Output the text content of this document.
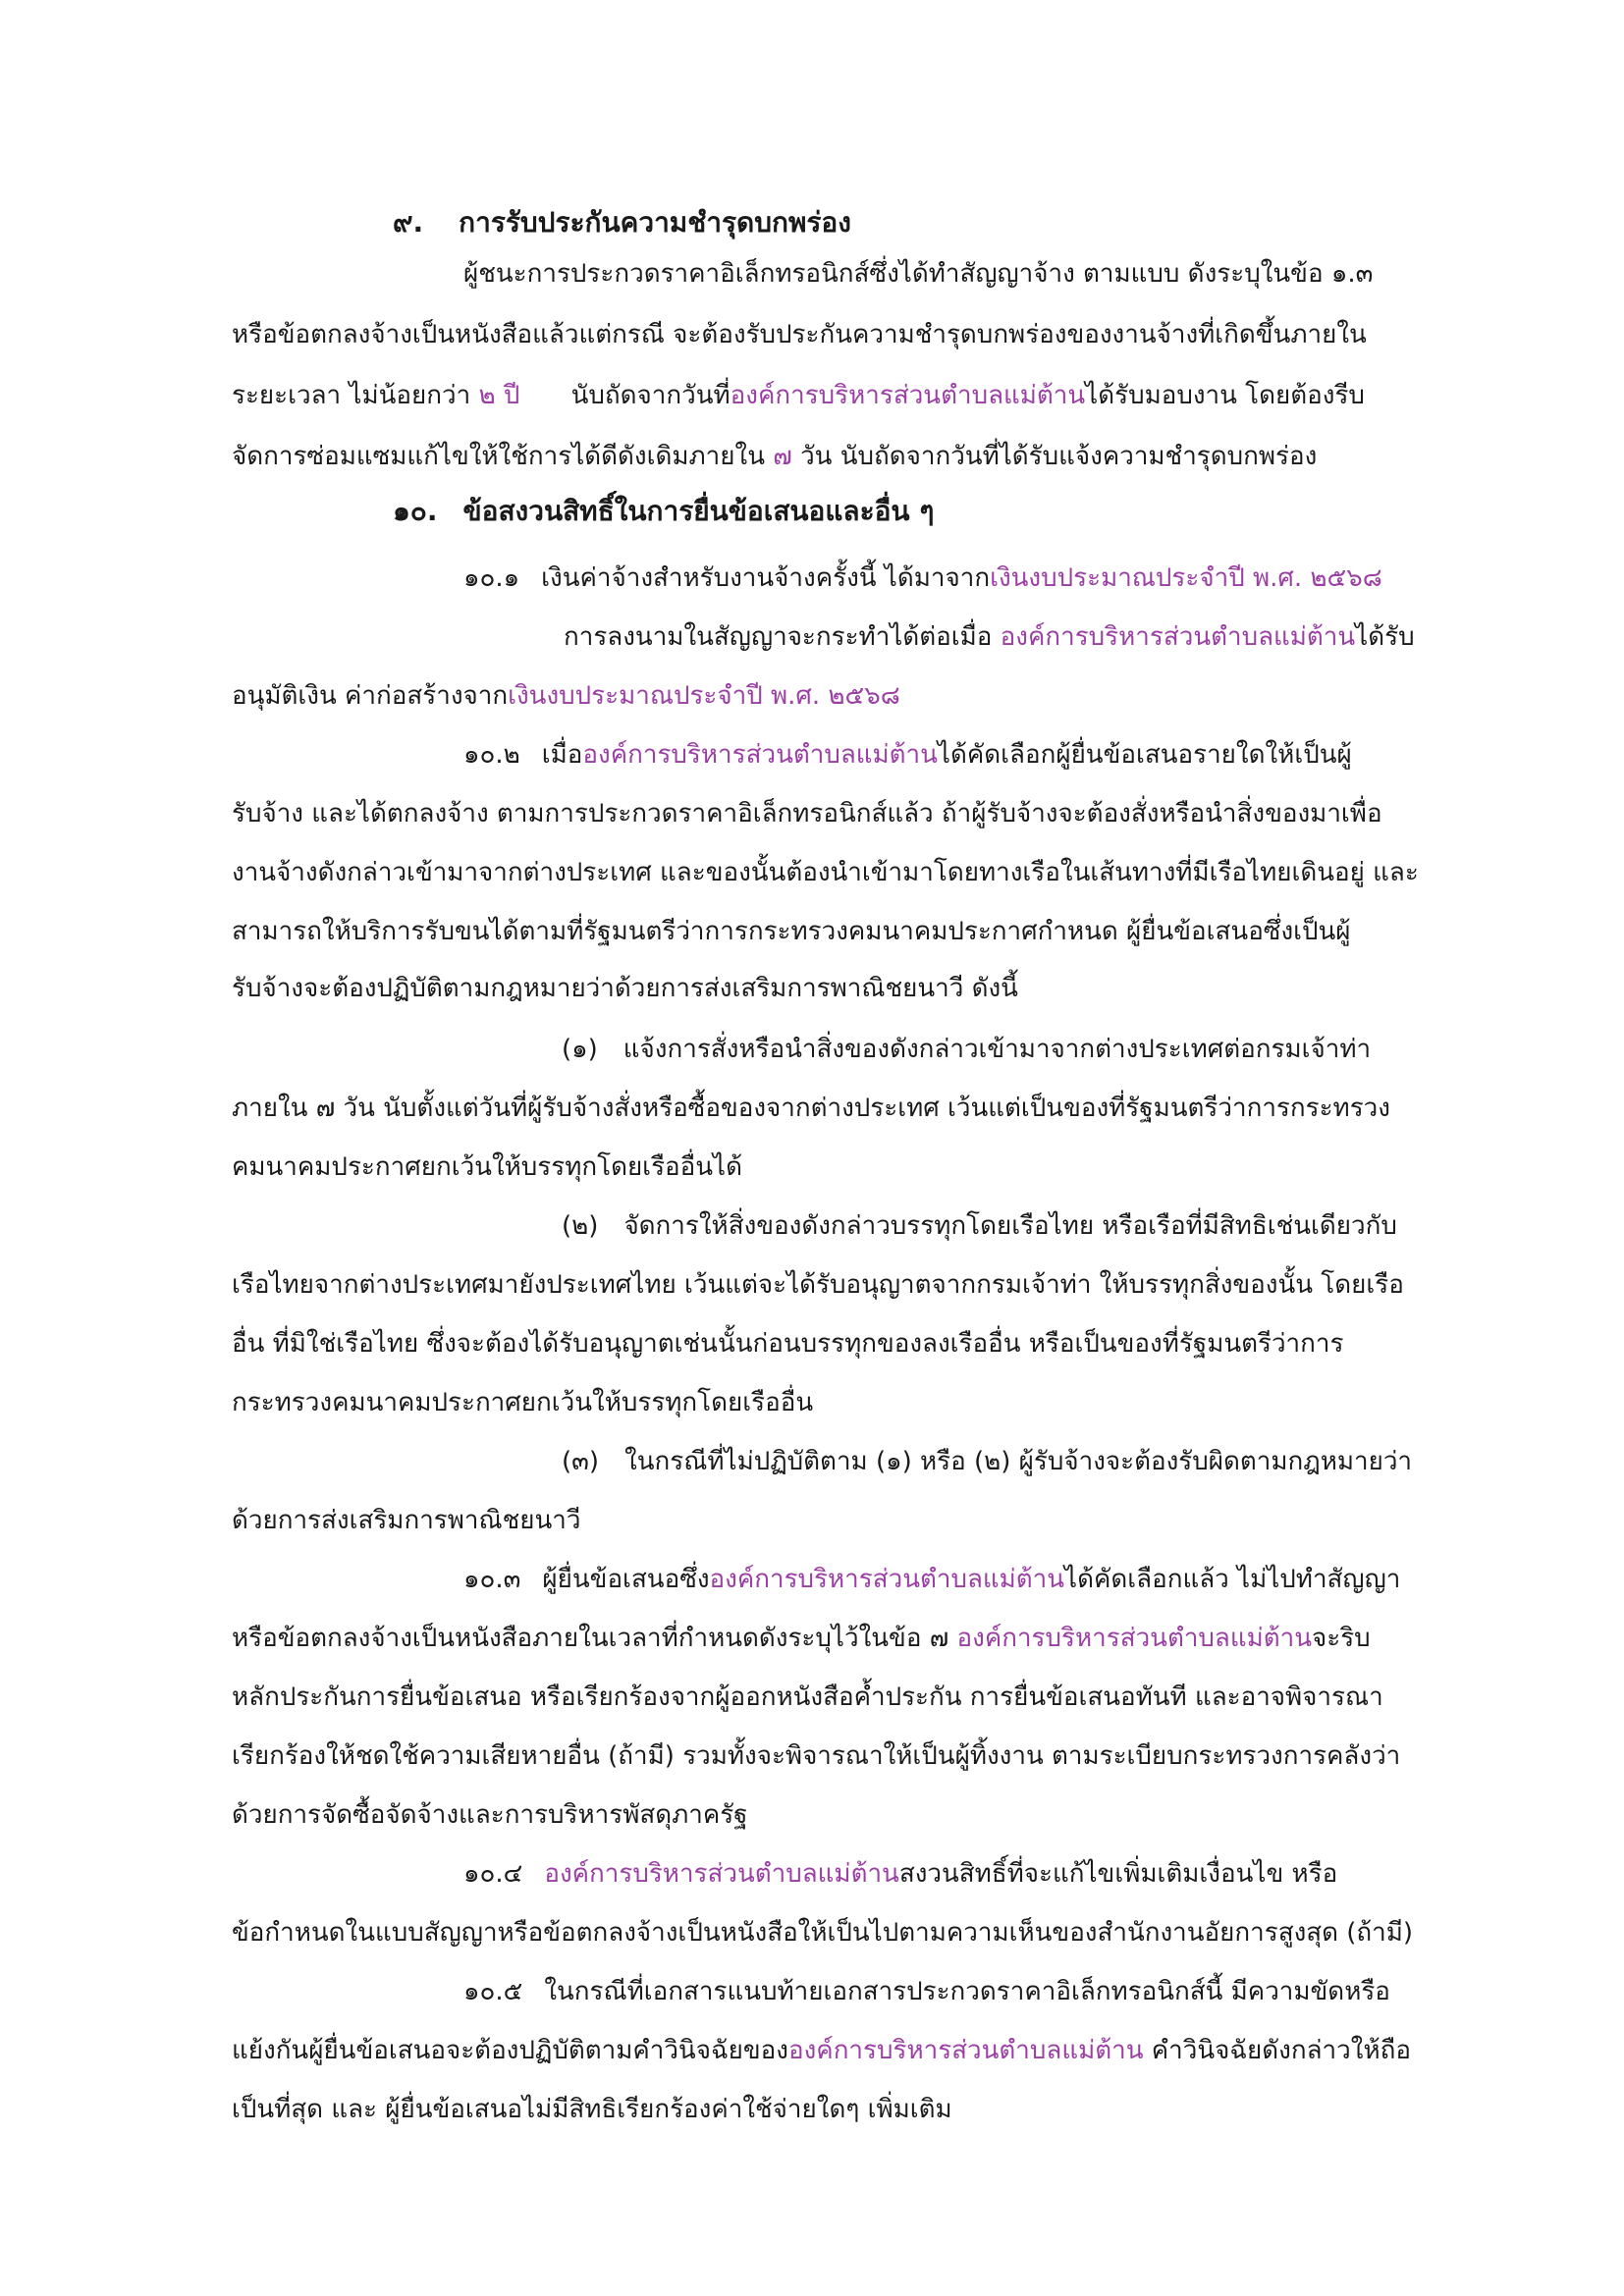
๙. การรับประกันความชำรุดบกพร่อง

ผู้ชนะการประกวดราคาอิเล็กทรอนิกส์ซึ่งได้ทำสัญญาจ้าง ตามแบบ ดังระบุในข้อ ๑.๓

หรือข้อตกลงจ้างเป็นหนังสือแล้วแต่กรณี จะต้องรับประกันความชำรุดบกพร่องของงานจ้างที่เกิดขึ้นภายใน

ระยะเวลา ไม่น้อยกว่า ๒ ปี นับถัดจากวันที่องค์การบริหารส่วนตำบลแม่ต้านได้รับมอบงาน โดยต้องรีบ

จัดการซ่อมแซมแก้ไขให้ใช้การได้ดีดังเดิมภายใน ๗ วัน นับถัดจากวันที่ได้รับแจ้งความชำรุดบกพร่อง

๑๐. ข้อสงวนสิทธิ์ในการยื่นข้อเสนอและอื่น ๆ

๑๐.๑ เงินค่าจ้างสำหรับงานจ้างครั้งนี้ ได้มาจากเงินงบประมาณประจำปี พ.ศ. ๒๕๖๘

การลงนามในสัญญาจะกระทำได้ต่อเมื่อ องค์การบริหารส่วนตำบลแม่ต้านได้รับ

อนุมัติเงิน ค่าก่อสร้างจากเงินงบประมาณประจำปี พ.ศ. ๒๕๖๘

๑๐.๒ เมื่อองค์การบริหารส่วนตำบลแม่ต้านได้คัดเลือกผู้ยื่นข้อเสนอรายใดให้เป็นผู้

รับจ้าง และได้ตกลงจ้าง ตามการประกวดราคาอิเล็กทรอนิกส์แล้ว ถ้าผู้รับจ้างจะต้องสั่งหรือนำสิ่งของมาเพื่อ

งานจ้างดังกล่าวเข้ามาจากต่างประเทศ และของนั้นต้องนำเข้ามาโดยทางเรือในเส้นทางที่มีเรือไทยเดินอยู่ และ

สามารถให้บริการรับขนได้ตามที่รัฐมนตรีว่าการกระทรวงคมนาคมประกาศกำหนด ผู้ยื่นข้อเสนอซึ่งเป็นผู้

รับจ้างจะต้องปฏิบัติตามกฎหมายว่าด้วยการส่งเสริมการพาณิชยนาวี ดังนี้

(๑) แจ้งการสั่งหรือนำสิ่งของดังกล่าวเข้ามาจากต่างประเทศต่อกรมเจ้าท่า

ภายใน ๗ วัน นับตั้งแต่วันที่ผู้รับจ้างสั่งหรือซื้อของจากต่างประเทศ เว้นแต่เป็นของที่รัฐมนตรีว่าการกระทรวง

คมนาคมประกาศยกเว้นให้บรรทุกโดยเรืออื่นได้

(๒) จัดการให้สิ่งของดังกล่าวบรรทุกโดยเรือไทย หรือเรือที่มีสิทธิเช่นเดียวกับ

เรือไทยจากต่างประเทศมายังประเทศไทย เว้นแต่จะได้รับอนุญาตจากกรมเจ้าท่า ให้บรรทุกสิ่งของนั้น โดยเรือ

อื่น ที่มิใช่เรือไทย ซึ่งจะต้องได้รับอนุญาตเช่นนั้นก่อนบรรทุกของลงเรืออื่น หรือเป็นของที่รัฐมนตรีว่าการ

กระทรวงคมนาคมประกาศยกเว้นให้บรรทุกโดยเรืออื่น

(๓) ในกรณีที่ไม่ปฏิบัติตาม (๑) หรือ (๒) ผู้รับจ้างจะต้องรับผิดตามกฎหมายว่า

ด้วยการส่งเสริมการพาณิชยนาวี

๑๐.๓ ผู้ยื่นข้อเสนอซึ่งองค์การบริหารส่วนตำบลแม่ต้านได้คัดเลือกแล้ว ไม่ไปทำสัญญา

หรือข้อตกลงจ้างเป็นหนังสือภายในเวลาที่กำหนดดังระบุไว้ในข้อ ๗ องค์การบริหารส่วนตำบลแม่ต้านจะริบ

หลักประกันการยื่นข้อเสนอ หรือเรียกร้องจากผู้ออกหนังสือค้ำประกัน การยื่นข้อเสนอทันที และอาจพิจารณา

เรียกร้องให้ชดใช้ความเสียหายอื่น (ถ้ามี) รวมทั้งจะพิจารณาให้เป็นผู้ทิ้งงาน ตามระเบียบกระทรวงการคลังว่า

ด้วยการจัดซื้อจัดจ้างและการบริหารพัสดุภาครัฐ

๑๐.๔ องค์การบริหารส่วนตำบลแม่ต้านสงวนสิทธิ์ที่จะแก้ไขเพิ่มเติมเงื่อนไข หรือ

ข้อกำหนดในแบบสัญญาหรือข้อตกลงจ้างเป็นหนังสือให้เป็นไปตามความเห็นของสำนักงานอัยการสูงสุด (ถ้ามี)

๑๐.๕ ในกรณีที่เอกสารแนบท้ายเอกสารประกวดราคาอิเล็กทรอนิกส์นี้ มีความขัดหรือ

แย้งกันผู้ยื่นข้อเสนอจะต้องปฏิบัติตามคำวินิจฉัยขององค์การบริหารส่วนตำบลแม่ต้าน คำวินิจฉัยดังกล่าวให้ถือ

เป็นที่สุด และ ผู้ยื่นข้อเสนอไม่มีสิทธิเรียกร้องค่าใช้จ่ายใดๆ เพิ่มเติม
